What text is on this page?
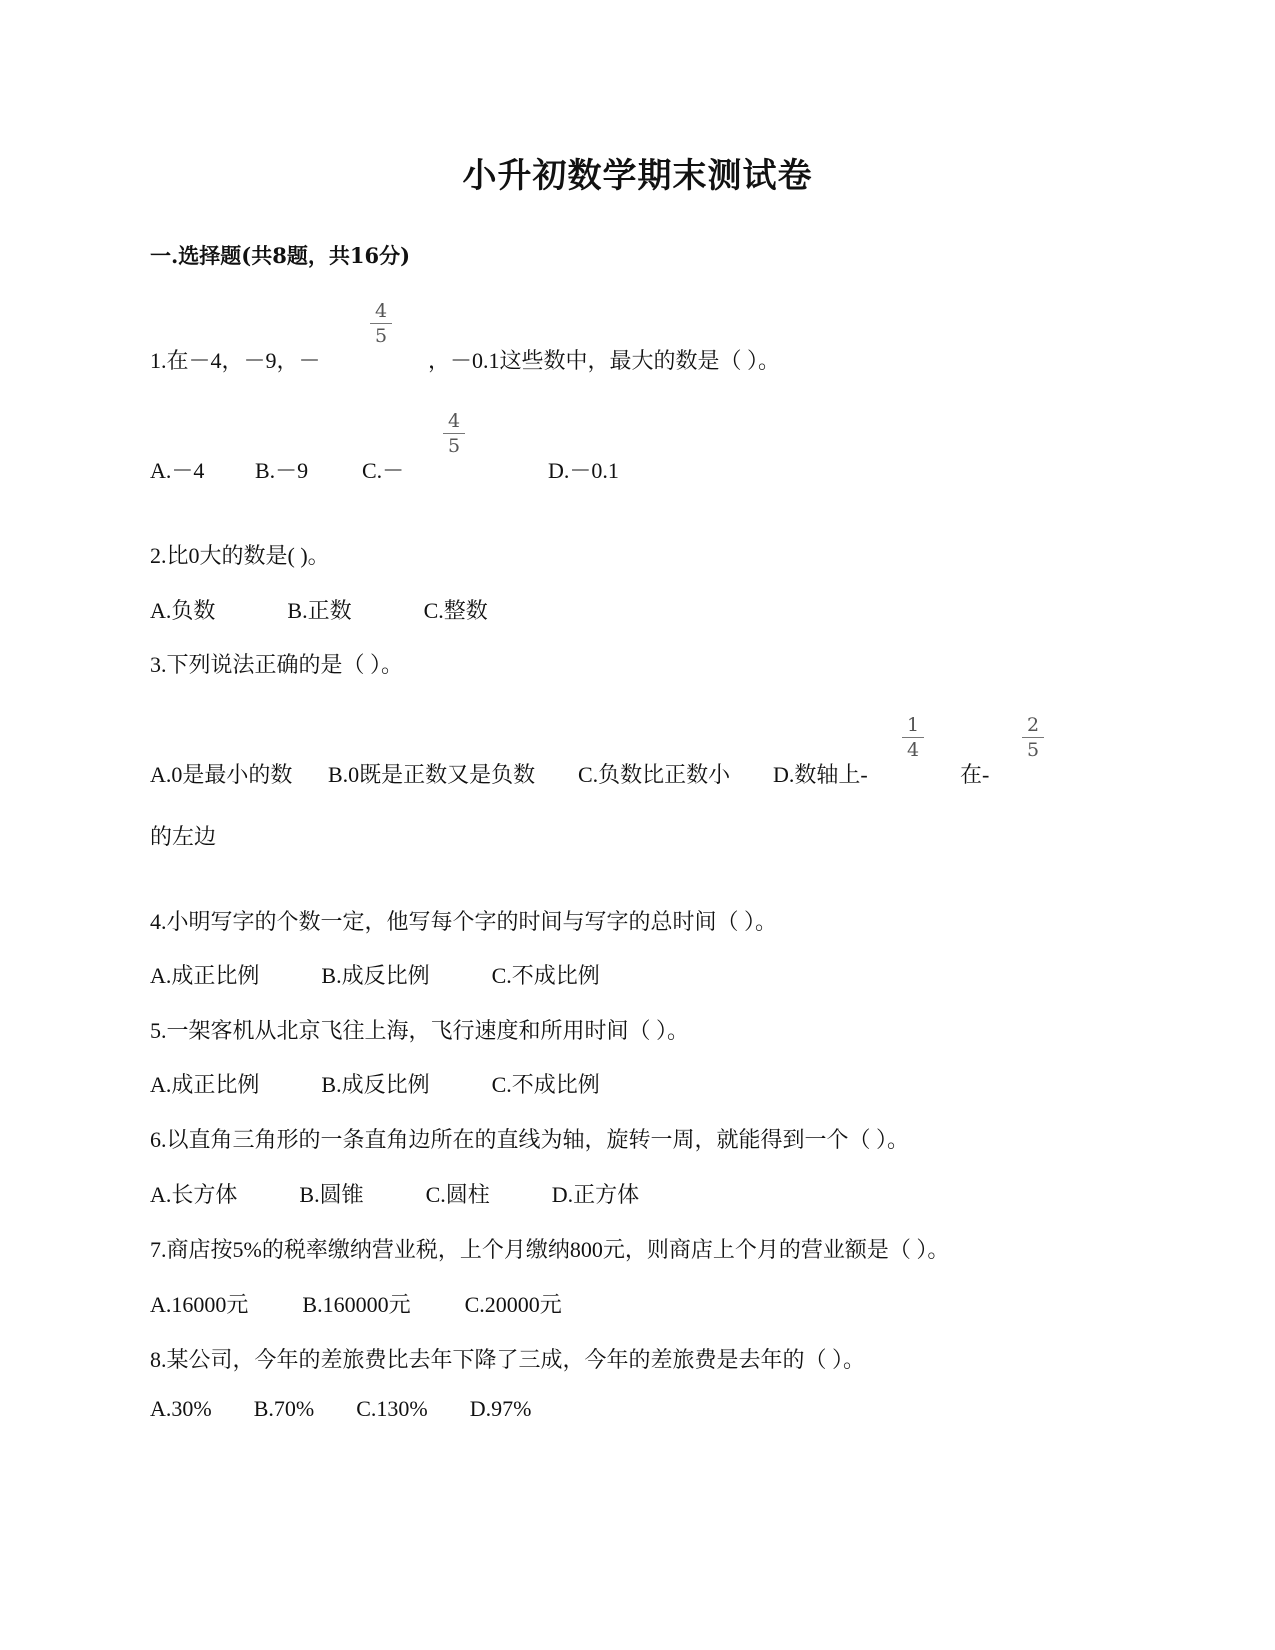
小升初数学期末测试卷
一.选择题(共8题，共16分)
1.在－4，－9，－
4
5
，－0.1这些数中，最大的数是（ ）。
A.－4 B.－9 C.－
4
5
D.－0.1
2.比0大的数是( )。
A.负数	B.正数	C.整数
3.下列说法正确的是（ ）。
A.0是最小的数 B.0既是正数又是负数 C.负数比正数小 D.数轴上-
1
4
在-
2
5
的左边
4.小明写字的个数一定，他写每个字的时间与写字的总时间（ ）。
A.成正比例	B.成反比例	C.不成比例
5.一架客机从北京飞往上海，飞行速度和所用时间（ ）。
A.成正比例	B.成反比例	C.不成比例
6.以直角三角形的一条直角边所在的直线为轴，旋转一周，就能得到一个（ ）。
A.长方体	B.圆锥	C.圆柱	D.正方体
7.商店按5%的税率缴纳营业税，上个月缴纳800元，则商店上个月的营业额是（ ）。
A.16000元 B.160000元 C.20000元
8.某公司，今年的差旅费比去年下降了三成，今年的差旅费是去年的（ ）。
A.30% B.70% C.130% D.97%
